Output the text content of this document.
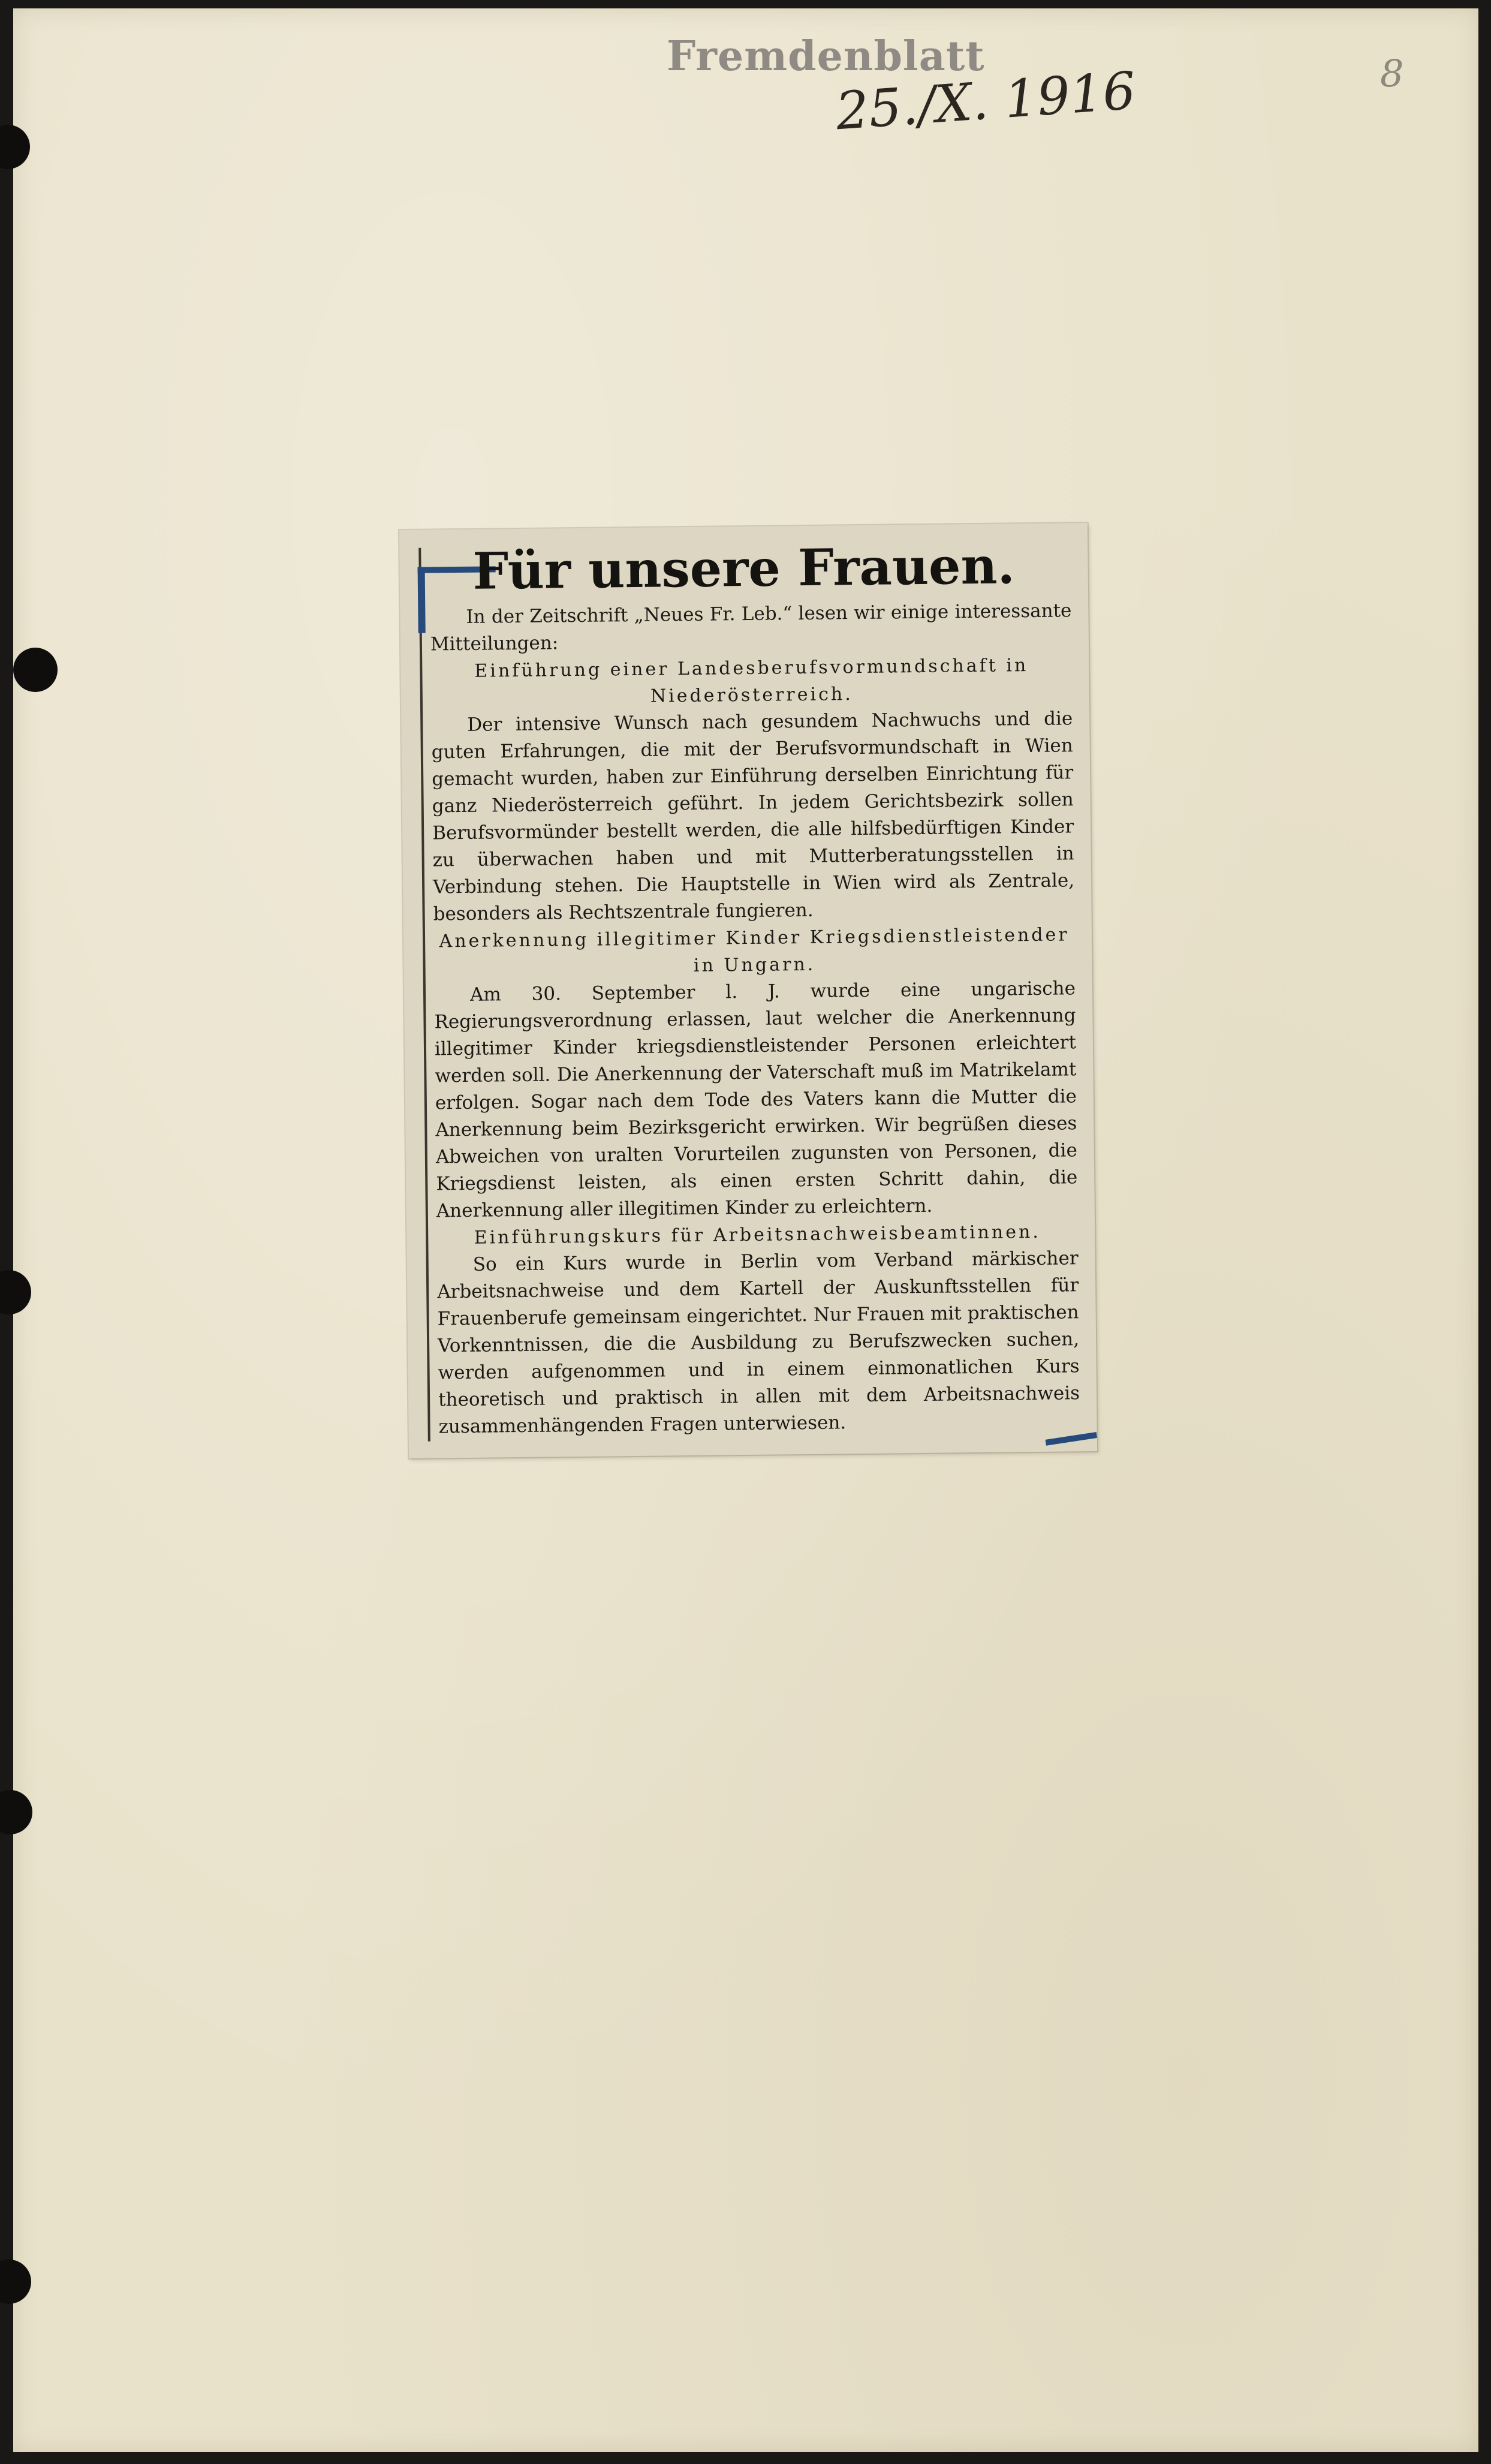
Fremdenblatt
25./X. 1916	8
Für unsere Frauen.

In der Zeitschrift „Neues Fr. Leb.“ lesen wir einige interessante Mitteilungen:

Einführung einer Landesberufsvormundschaft in Niederösterreich.

Der intensive Wunsch nach gesundem Nachwuchs und die guten Erfahrungen, die mit der Berufsvormundschaft in Wien gemacht wurden, haben zur Einführung derselben Einrichtung für ganz Niederösterreich geführt. In jedem Gerichtsbezirk sollen Berufsvormünder bestellt werden, die alle hilfsbedürftigen Kinder zu überwachen haben und mit Mutterberatungsstellen in Verbindung stehen. Die Hauptstelle in Wien wird als Zentrale, besonders als Rechtszentrale fungieren.

Anerkennung illegitimer Kinder Kriegsdienstleistender in Ungarn.

Am 30. September l. J. wurde eine ungarische Regierungsverordnung erlassen, laut welcher die Anerkennung illegitimer Kinder kriegsdienstleistender Personen erleichtert werden soll. Die Anerkennung der Vaterschaft muß im Matrikelamt erfolgen. Sogar nach dem Tode des Vaters kann die Mutter die Anerkennung beim Bezirksgericht erwirken. Wir begrüßen dieses Abweichen von uralten Vorurteilen zugunsten von Personen, die Kriegsdienst leisten, als einen ersten Schritt dahin, die Anerkennung aller illegitimen Kinder zu erleichtern.

Einführungskurs für Arbeitsnachweisbeamtinnen.

So ein Kurs wurde in Berlin vom Verband märkischer Arbeitsnachweise und dem Kartell der Auskunftsstellen für Frauenberufe gemeinsam eingerichtet. Nur Frauen mit praktischen Vorkenntnissen, die die Ausbildung zu Berufszwecken suchen, werden aufgenommen und in einem einmonatlichen Kurs theoretisch und praktisch in allen mit dem Arbeitsnachweis zusammenhängenden Fragen unterwiesen.
